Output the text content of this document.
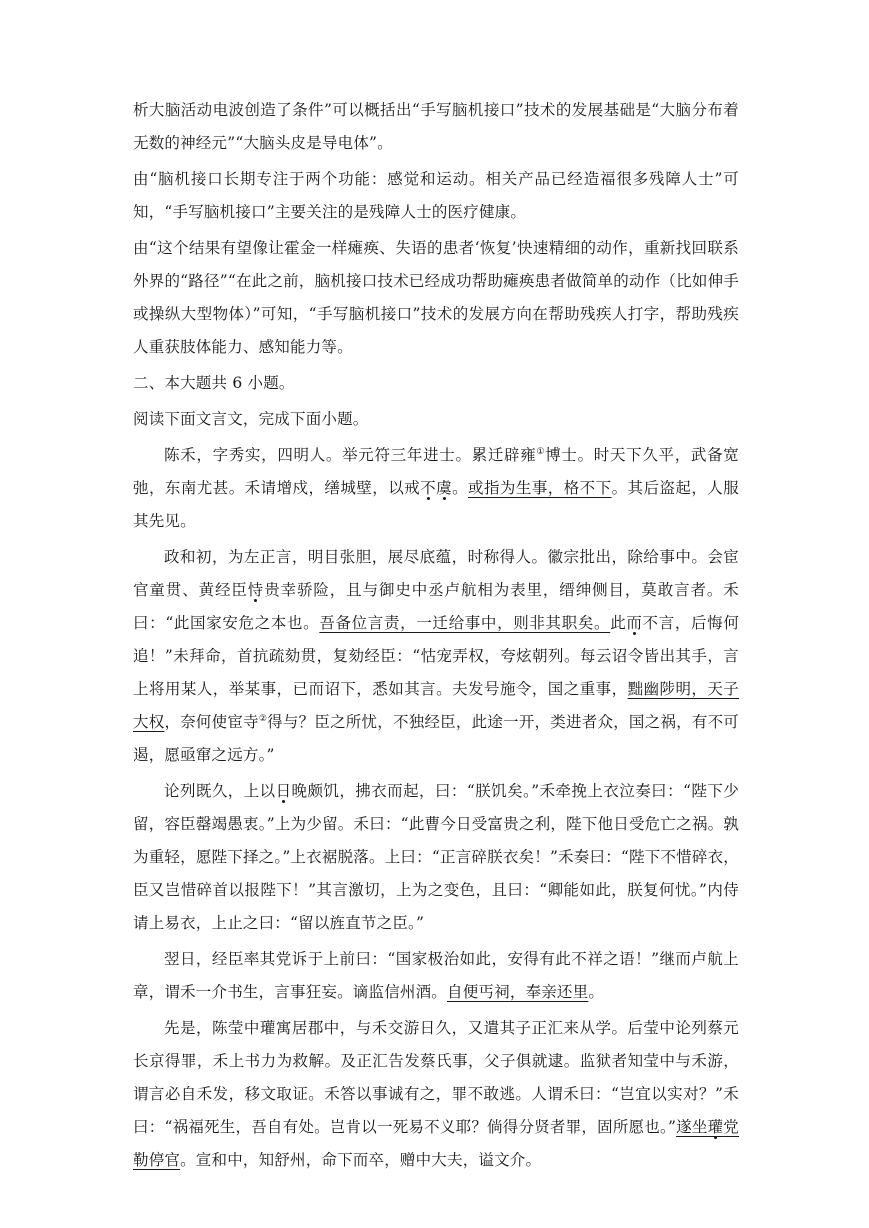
析大脑活动电波创造了条件”可以概括出“手写脑机接口”技术的发展基础是“大脑分布着无数的神经元”“大脑头皮是导电体”。

由“脑机接口长期专注于两个功能：感觉和运动。相关产品已经造福很多残障人士”可知，“手写脑机接口”主要关注的是残障人士的医疗健康。

由“这个结果有望像让霍金一样瘫痪、失语的患者‘恢复’快速精细的动作，重新找回联系外界的“路径”“在此之前，脑机接口技术已经成功帮助瘫痪患者做简单的动作（比如伸手或操纵大型物体）”可知，“手写脑机接口”技术的发展方向在帮助残疾人打字，帮助残疾人重获肢体能力、感知能力等。

二、本大题共 6 小题。

阅读下面文言文，完成下面小题。

陈禾，字秀实，四明人。举元符三年进士。累迁辟雍①博士。时天下久平，武备宽弛，东南尤甚。禾请增戍，缮城壁，以戒不虞。或指为生事，格不下。其后盗起，人服其先见。

政和初，为左正言，明目张胆，展尽底蕴，时称得人。徽宗批出，除给事中。会宦官童贯、黄经臣恃贵幸骄险，且与御史中丞卢航相为表里，缙绅侧目，莫敢言者。禾曰：“此国家安危之本也。吾备位言责，一迁给事中，则非其职矣。此而不言，后悔何追！”未拜命，首抗疏劾贯，复劾经臣：“怙宠弄权，夸炫朝列。每云诏令皆出其手，言上将用某人，举某事，已而诏下，悉如其言。夫发号施令，国之重事，黜幽陟明，天子大权，奈何使宦寺②得与？臣之所忧，不独经臣，此途一开，类进者众，国之祸，有不可遏，愿亟窜之远方。”

论列既久，上以日晚颇饥，拂衣而起，曰：“朕饥矣。”禾牵挽上衣泣奏曰：“陛下少留，容臣罄竭愚衷。”上为少留。禾曰：“此曹今日受富贵之利，陛下他日受危亡之祸。孰为重轻，愿陛下择之。”上衣裾脱落。上曰：“正言碎朕衣矣！”禾奏曰：“陛下不惜碎衣，臣又岂惜碎首以报陛下！”其言激切，上为之变色，且曰：“卿能如此，朕复何忧。”内侍请上易衣，上止之曰：“留以旌直节之臣。”

翌日，经臣率其党诉于上前曰：“国家极治如此，安得有此不祥之语！”继而卢航上章，谓禾一介书生，言事狂妄。谪监信州酒。自便丐祠，奉亲还里。

先是，陈莹中瓘寓居郡中，与禾交游日久，又遣其子正汇来从学。后莹中论列蔡元长京得罪，禾上书力为救解。及正汇告发蔡氏事，父子俱就逮。监狱者知莹中与禾游，谓言必自禾发，移文取证。禾答以事诚有之，罪不敢逃。人谓禾曰：“岂宜以实对？”禾曰：“祸福死生，吾自有处。岂肯以一死易不义耶？倘得分贤者罪，固所愿也。”遂坐瓘党勒停官。宣和中，知舒州，命下而卒，赠中大夫，谥文介。
